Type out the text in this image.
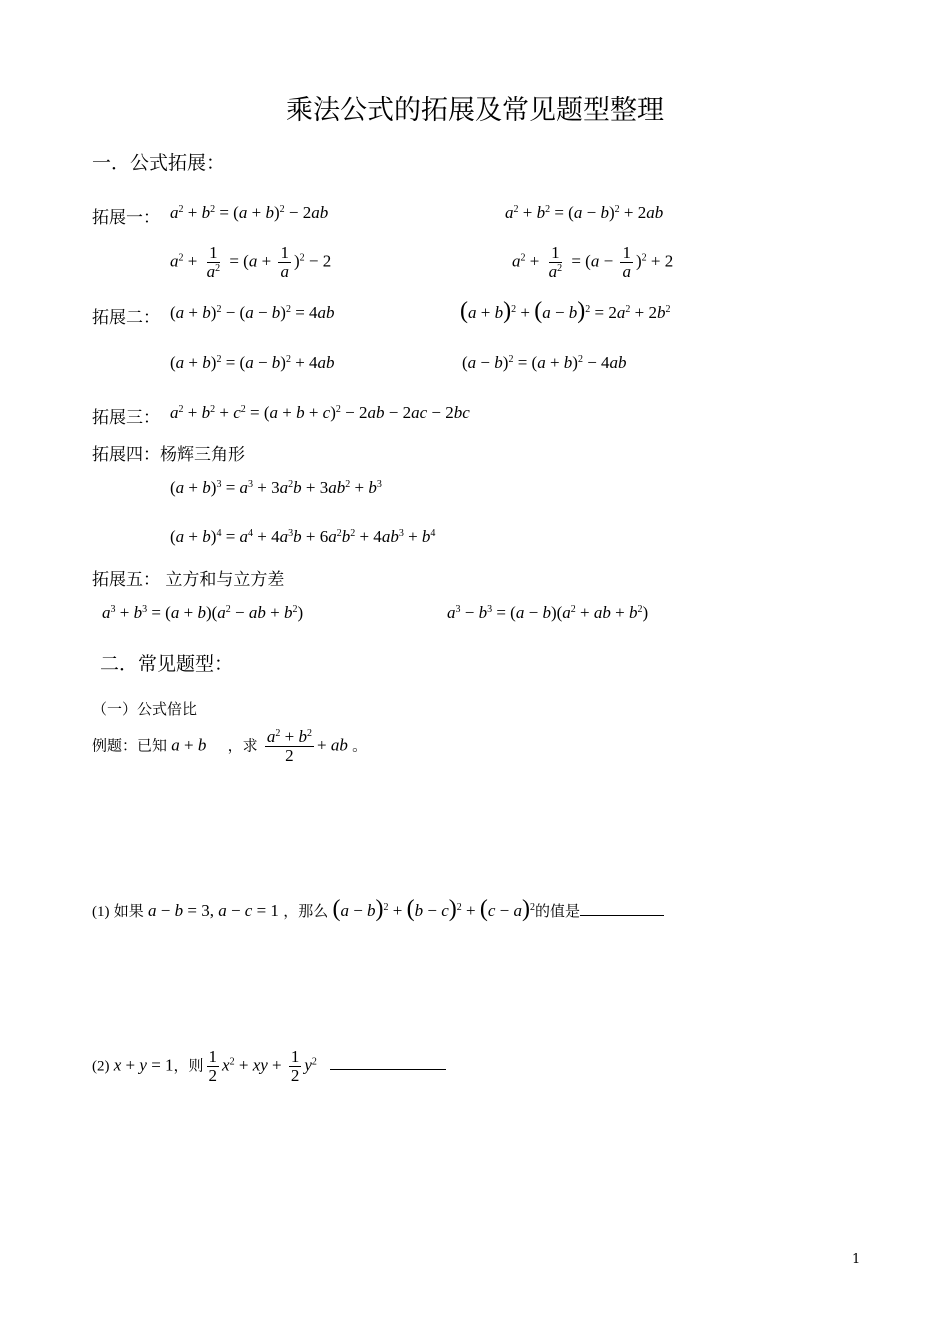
乘法公式的拓展及常见题型整理
一．公式拓展：
拓展一： $a^2 + b^2 = (a + b)^2 - 2ab$	$a^2 + b^2 = (a - b)^2 + 2ab$
$a^2 + \frac{1}{a^2} = (a + \frac{1}{a} )^2 - 2$	$a^2 + \frac{1}{a^2} = (a - \frac{1}{a} )^2 + 2$
拓展二： $(a + b)^2 - (a - b)^2 = 4ab$	$(a + b)^2 + (a - b)^2 = 2a^2 + 2b^2$
$(a + b)^2 = (a - b)^2 + 4ab$	$(a - b)^2 = (a + b)^2 - 4ab$
拓展三： $a^2 + b^2 + c^2 = (a + b + c)^2 - 2ab - 2ac - 2bc$
拓展四：杨辉三角形
$(a + b)^3 = a^3 + 3a^2b + 3ab^2 + b^3$
$(a + b)^4 = a^4 + 4a^3b + 6a^2b^2 + 4ab^3 + b^4$
拓展五： 立方和与立方差
$a^3 + b^3 = (a + b)(a^2$ − ab + $b^2$)	$a^3 - b^3 = (a - b)(a^2$ + ab + $b^2$)
二．常见题型：
（一）公式倍比
例题：已知 a + b ，求 $\frac{a^2 + b^2}{2}$ + ab 。
(1) 如果 a − b = 3, a − c = 1 ，那么 $(a - b)^2 + (b - c)^2 + (c - a)^2$的值是
(2) x + y = 1，则 $\frac{1}{2} x^2$ + xy + $\frac{1}{2} y^2$
1
